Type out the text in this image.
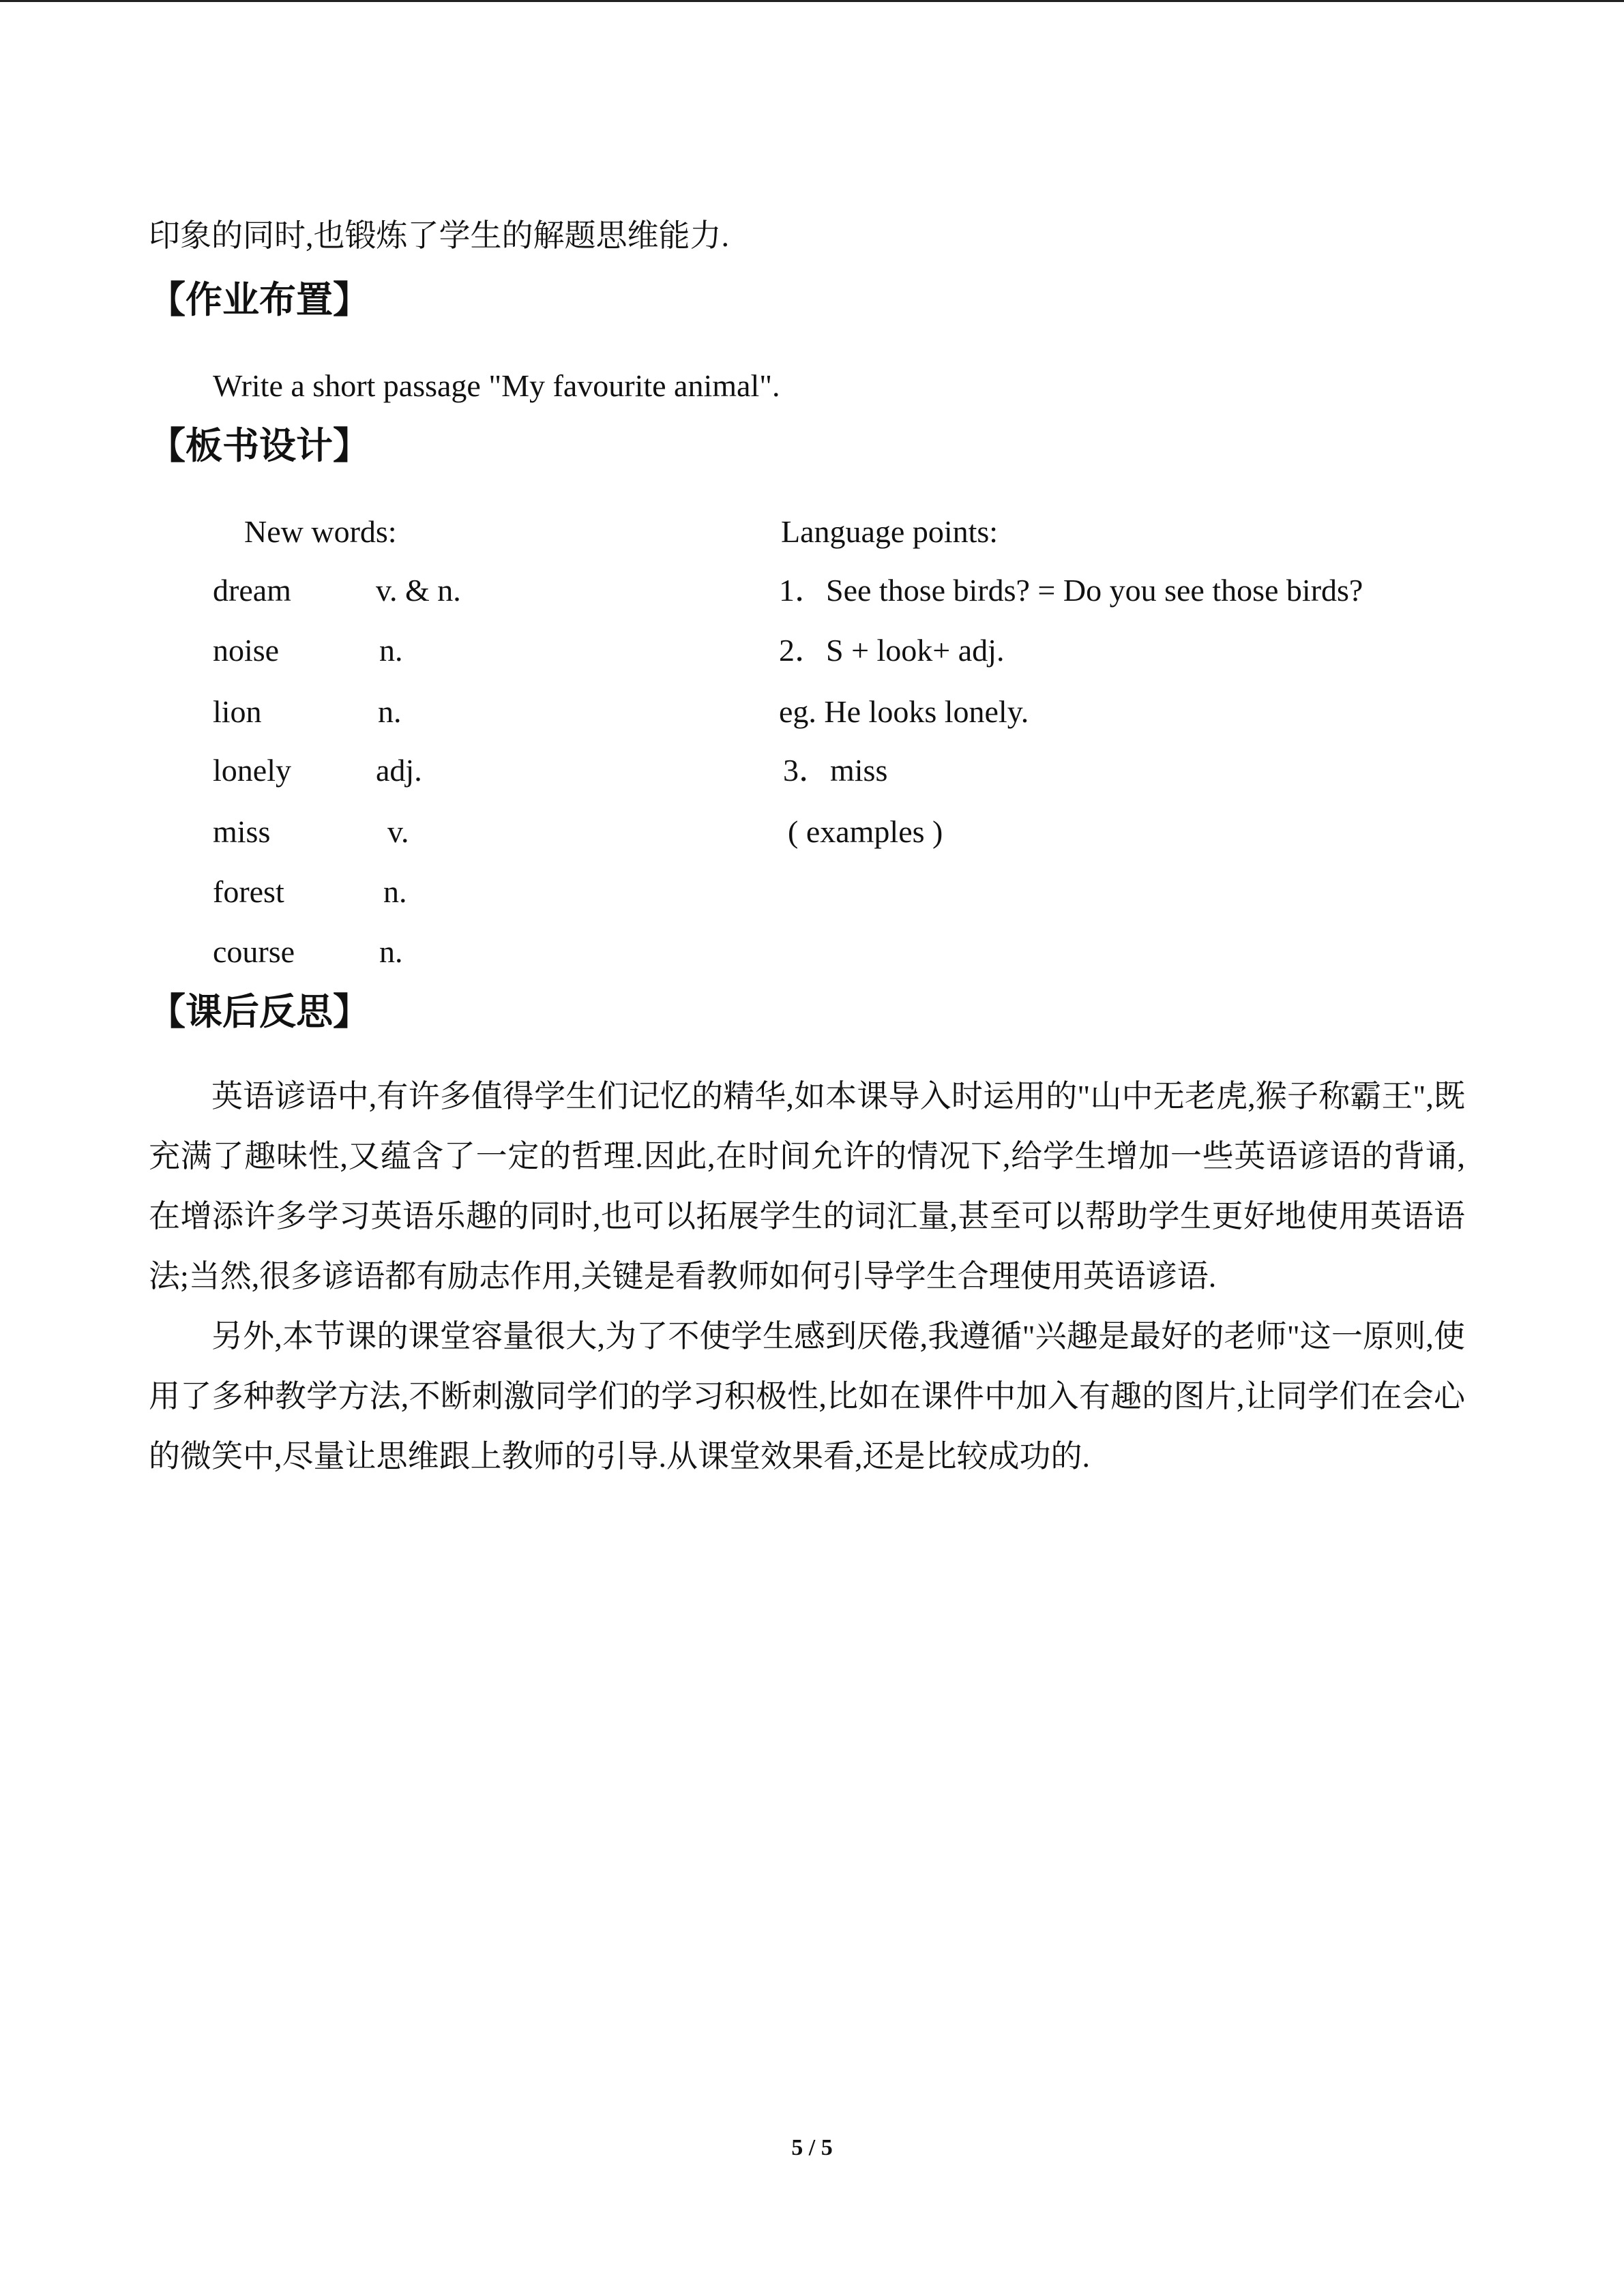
印象的同时,也锻炼了学生的解题思维能力.
【作业布置】
Write a short passage "My favourite animal".
【板书设计】
New words:	Language points:
dream	v. & n.
noise	n.
lion	n.
lonely	adj.
miss	v.
forest	n.
course	n.
1．See those birds? = Do you see those birds?
2．S + look+ adj.
eg. He looks lonely.
3．miss
( examples )
【课后反思】

英语谚语中,有许多值得学生们记忆的精华,如本课导入时运用的"山中无老虎,猴子称霸王",既充满了趣味性,又蕴含了一定的哲理.因此,在时间允许的情况下,给学生增加一些英语谚语的背诵,在增添许多学习英语乐趣的同时,也可以拓展学生的词汇量,甚至可以帮助学生更好地使用英语语法;当然,很多谚语都有励志作用,关键是看教师如何引导学生合理使用英语谚语.

另外,本节课的课堂容量很大,为了不使学生感到厌倦,我遵循"兴趣是最好的老师"这一原则,使用了多种教学方法,不断刺激同学们的学习积极性,比如在课件中加入有趣的图片,让同学们在会心的微笑中,尽量让思维跟上教师的引导.从课堂效果看,还是比较成功的.

5 / 5
